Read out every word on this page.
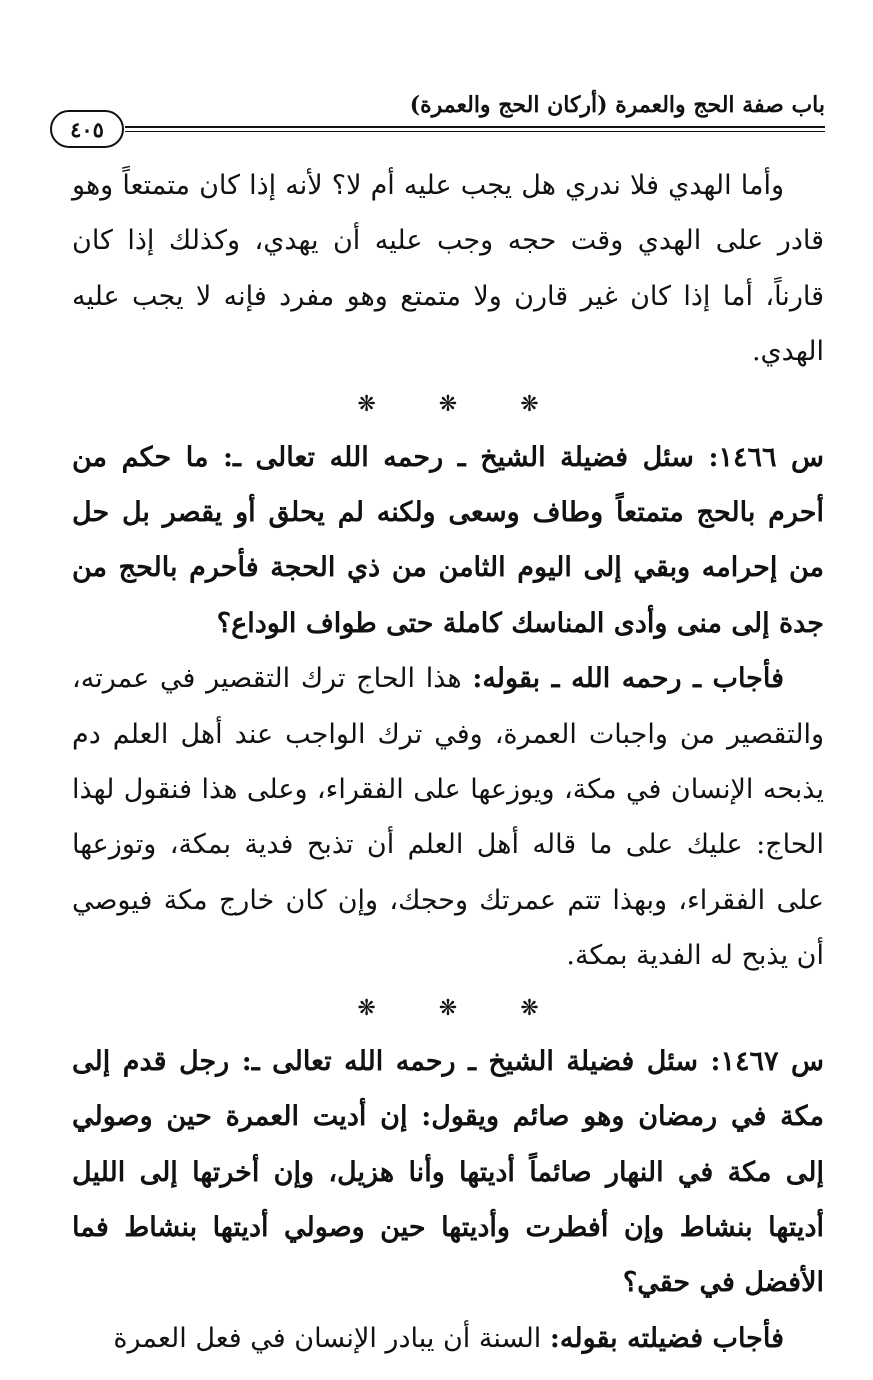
باب صفة الحج والعمرة (أركان الحج والعمرة)
٤٠٥

وأما الهدي فلا ندري هل يجب عليه أم لا؟ لأنه إذا كان متمتعاً وهو قادر على الهدي وقت حجه وجب عليه أن يهدي، وكذلك إذا كان قارناً، أما إذا كان غير قارن ولا متمتع وهو مفرد فإنه لا يجب عليه الهدي.

❋ ❋ ❋

س ١٤٦٦: سئل فضيلة الشيخ ـ رحمه الله تعالى ـ: ما حكم من أحرم بالحج متمتعاً وطاف وسعى ولكنه لم يحلق أو يقصر بل حل من إحرامه وبقي إلى اليوم الثامن من ذي الحجة فأحرم بالحج من جدة إلى منى وأدى المناسك كاملة حتى طواف الوداع؟

فأجاب ـ رحمه الله ـ بقوله: هذا الحاج ترك التقصير في عمرته، والتقصير من واجبات العمرة، وفي ترك الواجب عند أهل العلم دم يذبحه الإنسان في مكة، ويوزعها على الفقراء، وعلى هذا فنقول لهذا الحاج: عليك على ما قاله أهل العلم أن تذبح فدية بمكة، وتوزعها على الفقراء، وبهذا تتم عمرتك وحجك، وإن كان خارج مكة فيوصي أن يذبح له الفدية بمكة.

❋ ❋ ❋

س ١٤٦٧: سئل فضيلة الشيخ ـ رحمه الله تعالى ـ: رجل قدم إلى مكة في رمضان وهو صائم ويقول: إن أديت العمرة حين وصولي إلى مكة في النهار صائماً أديتها وأنا هزيل، وإن أخرتها إلى الليل أديتها بنشاط وإن أفطرت وأديتها حين وصولي أديتها بنشاط فما الأفضل في حقي؟

فأجاب فضيلته بقوله: السنة أن يبادر الإنسان في فعل العمرة
